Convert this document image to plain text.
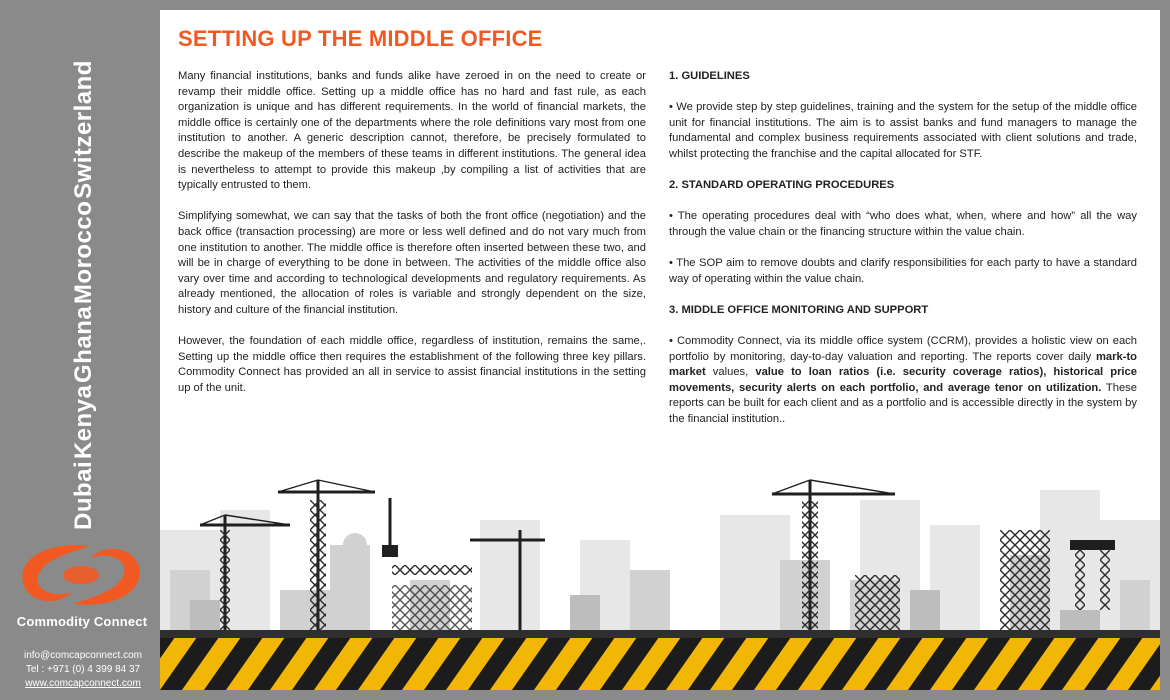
Dubai
Kenya
Ghana
Morocco
Switzerland
Commodity Connect
info@comcapconnect.com
Tel : +971 (0) 4 399 84 37
www.comcapconnect.com
SETTING UP THE MIDDLE OFFICE

Many financial institutions, banks and funds alike have zeroed in on the need to create or revamp their middle office. Setting up a middle office has no hard and fast rule, as each organization is unique and has different requirements. In the world of financial markets, the middle office is certainly one of the departments where the role definitions vary most from one institution to another. A generic description cannot, therefore, be precisely formulated to describe the makeup of the members of these teams in different institutions. The general idea is nevertheless to attempt to provide this makeup ,by compiling a list of activities that are typically entrusted to them.

Simplifying somewhat, we can say that the tasks of both the front office (negotiation) and the back office (transaction processing) are more or less well defined and do not vary much from one institution to another. The middle office is therefore often inserted between these two, and will be in charge of everything to be done in between. The activities of the middle office also vary over time and according to technological developments and regulatory requirements. As already mentioned, the allocation of roles is variable and strongly dependent on the size, history and culture of the financial institution.

However, the foundation of each middle office, regardless of institution, remains the same,. Setting up the middle office then requires the establishment of the following three key pillars. Commodity Connect has provided an all in service to assist financial institutions in the setting up of the unit.

1. GUIDELINES

• We provide step by step guidelines, training and the system for the setup of the middle office unit for financial institutions. The aim is to assist banks and fund managers to manage the fundamental and complex business requirements associated with client solutions and trade, whilst protecting the franchise and the capital allocated for STF.

2. STANDARD OPERATING PROCEDURES

• The operating procedures deal with “who does what, when, where and how” all the way through the value chain or the financing structure within the value chain.

• The SOP aim to remove doubts and clarify responsibilities for each party to have a standard way of operating within the value chain.

3. MIDDLE OFFICE MONITORING AND SUPPORT

• Commodity Connect, via its middle office system (CCRM), provides a holistic view on each portfolio by monitoring, day-to-day valuation and reporting. The reports cover daily mark-to market values, value to loan ratios (i.e. security coverage ratios), historical price movements, security alerts on each portfolio, and average tenor on utilization. These reports can be built for each client and as a portfolio and is accessible directly in the system by the financial institution..
